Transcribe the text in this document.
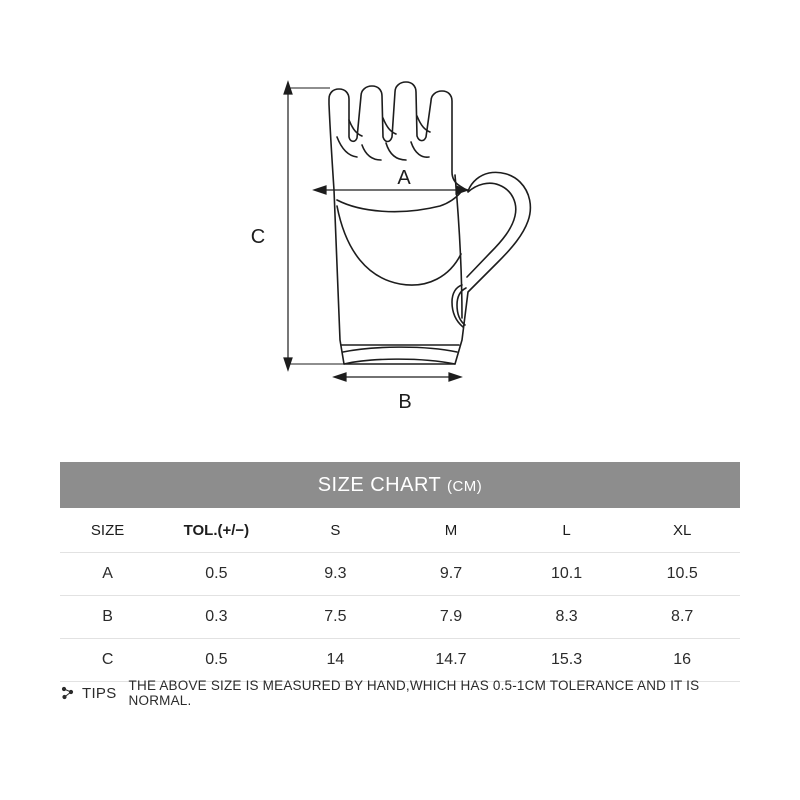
C
A
B
SIZE CHART (CM)
SIZE	TOL.(+/−)	S	M	L	XL
A	0.5	9.3	9.7	10.1	10.5
B	0.3	7.5	7.9	8.3	8.7
C	0.5	14	14.7	15.3	16
TIPS THE ABOVE SIZE IS MEASURED BY HAND,WHICH HAS 0.5-1CM TOLERANCE AND IT IS NORMAL.
